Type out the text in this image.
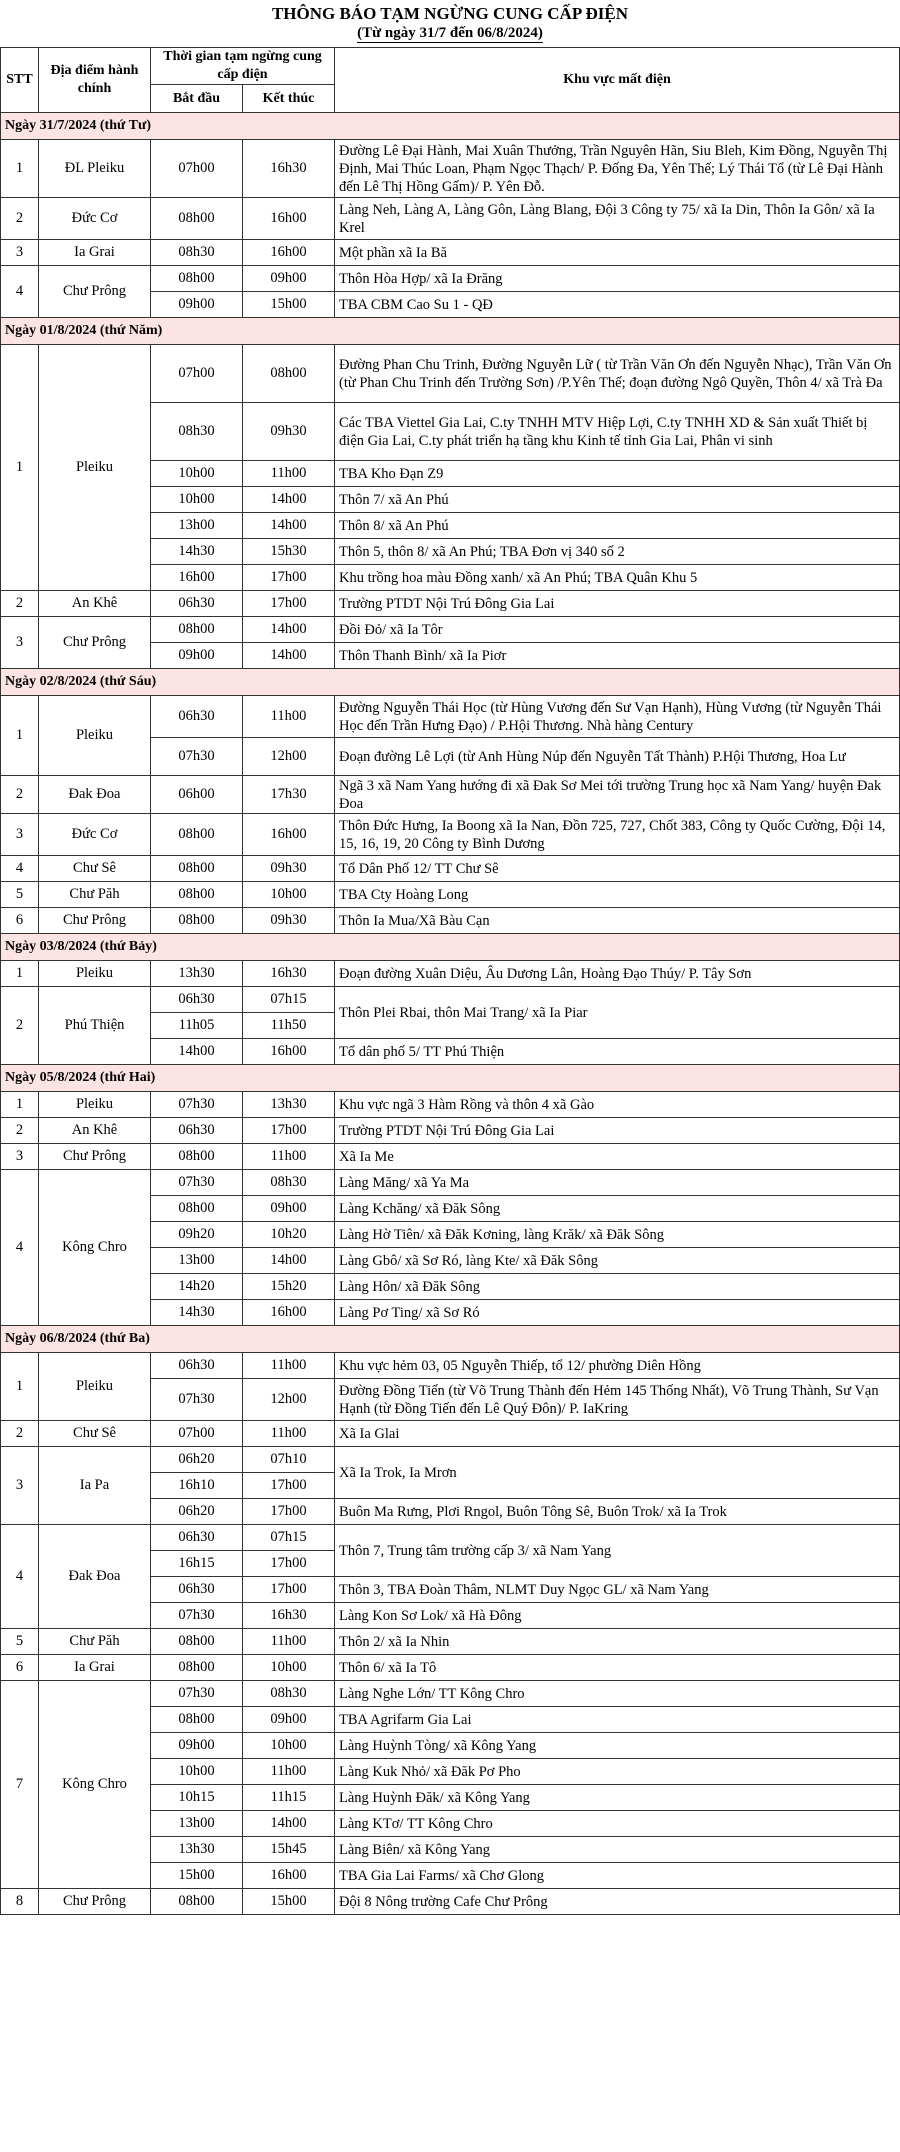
THÔNG BÁO TẠM NGỪNG CUNG CẤP ĐIỆN
(Từ ngày 31/7 đến 06/8/2024)
STT	Địa điểm hành chính	Thời gian tạm ngừng cung cấp điện		Khu vực mất điện
		Bắt đầu	Kết thúc	
Ngày 31/7/2024 (thứ Tư)				
1	ĐL Pleiku	07h00	16h30	Đường Lê Đại Hành, Mai Xuân Thưởng, Trần Nguyên Hãn, Siu Bleh, Kim Đồng, Nguyễn Thị Định, Mai Thúc Loan, Phạm Ngọc Thạch/ P. Đống Đa, Yên Thế; Lý Thái Tổ (từ Lê Đại Hành đến Lê Thị Hồng Gấm)/ P. Yên Đỗ.
2	Đức Cơ	08h00	16h00	Làng Neh, Làng A, Làng Gôn, Làng Blang, Đội 3 Công ty 75/ xã Ia Din, Thôn Ia Gôn/ xã Ia Krel
3	Ia Grai	08h30	16h00	Một phần xã Ia Bă
4	Chư Prông	08h00	09h00	Thôn Hòa Hợp/ xã Ia Đrăng
		09h00	15h00	TBA CBM Cao Su 1 - QĐ
Ngày 01/8/2024 (thứ Năm)				
1	Pleiku	07h00	08h00	Đường Phan Chu Trinh, Đường Nguyễn Lữ ( từ Trần Văn Ơn đến Nguyễn Nhạc), Trần Văn Ơn (từ Phan Chu Trinh đến Trường Sơn) /P.Yên Thế; đoạn đường Ngô Quyền, Thôn 4/ xã Trà Đa
		08h30	09h30	Các TBA Viettel Gia Lai, C.ty TNHH MTV Hiệp Lợi, C.ty TNHH XD & Sản xuất Thiết bị điện Gia Lai, C.ty phát triển hạ tầng khu Kinh tế tỉnh Gia Lai, Phân vi sinh
		10h00	11h00	TBA Kho Đạn Z9
		10h00	14h00	Thôn 7/ xã An Phú
		13h00	14h00	Thôn 8/ xã An Phú
		14h30	15h30	Thôn 5, thôn 8/ xã An Phú; TBA Đơn vị 340 số 2
		16h00	17h00	Khu trồng hoa màu Đồng xanh/ xã An Phú; TBA Quân Khu 5
2	An Khê	06h30	17h00	Trường PTDT Nội Trú Đông Gia Lai
3	Chư Prông	08h00	14h00	Đồi Đỏ/ xã Ia Tôr
		09h00	14h00	Thôn Thanh Bình/ xã Ia Piơr
Ngày 02/8/2024 (thứ Sáu)				
1	Pleiku	06h30	11h00	Đường Nguyễn Thái Học (từ Hùng Vương đến Sư Vạn Hạnh), Hùng Vương (từ Nguyễn Thái Học đến Trần Hưng Đạo) / P.Hội Thương. Nhà hàng Century
		07h30	12h00	Đoạn đường Lê Lợi (từ Anh Hùng Núp đến Nguyễn Tất Thành) P.Hội Thương, Hoa Lư
2	Đak Đoa	06h00	17h30	Ngã 3 xã Nam Yang hướng đi xã Đak Sơ Mei tới trường Trung học xã Nam Yang/ huyện Đak Đoa
3	Đức Cơ	08h00	16h00	Thôn Đức Hưng, Ia Boong xã Ia Nan, Đồn 725, 727, Chốt 383, Công ty Quốc Cường, Đội 14, 15, 16, 19, 20 Công ty Bình Dương
4	Chư Sê	08h00	09h30	Tổ Dân Phố 12/ TT Chư Sê
5	Chư Păh	08h00	10h00	TBA Cty Hoàng Long
6	Chư Prông	08h00	09h30	Thôn Ia Mua/Xã Bàu Cạn
Ngày 03/8/2024 (thứ Bảy)				
1	Pleiku	13h30	16h30	Đoạn đường Xuân Diệu, Âu Dương Lân, Hoàng Đạo Thúy/ P. Tây Sơn
2	Phú Thiện	06h30	07h15	Thôn Plei Rbai, thôn Mai Trang/ xã Ia Piar
		11h05	11h50	
		14h00	16h00	Tổ dân phố 5/ TT Phú Thiện
Ngày 05/8/2024 (thứ Hai)				
1	Pleiku	07h30	13h30	Khu vực ngã 3 Hàm Rồng và thôn 4 xã Gào
2	An Khê	06h30	17h00	Trường PTDT Nội Trú Đông Gia Lai
3	Chư Prông	08h00	11h00	Xã Ia Me
4	Kông Chro	07h30	08h30	Làng Măng/ xã Ya Ma
		08h00	09h00	Làng Kchăng/ xã Đăk Sông
		09h20	10h20	Làng Hờ Tiên/ xã Đăk Kơning, làng Krăk/ xã Đăk Sông
		13h00	14h00	Làng Gbô/ xã Sơ Ró, làng Kte/ xã Đăk Sông
		14h20	15h20	Làng Hôn/ xã Đăk Sông
		14h30	16h00	Làng Pơ Ting/ xã Sơ Ró
Ngày 06/8/2024 (thứ Ba)				
1	Pleiku	06h30	11h00	Khu vực hẻm 03, 05 Nguyễn Thiếp, tổ 12/ phường Diên Hồng
		07h30	12h00	Đường Đồng Tiến (từ Võ Trung Thành đến Hẻm 145 Thống Nhất), Võ Trung Thành, Sư Vạn Hạnh (từ Đồng Tiến đến Lê Quý Đôn)/ P. IaKring
2	Chư Sê	07h00	11h00	Xã Ia Glai
3	Ia Pa	06h20	07h10	Xã Ia Trok, Ia Mrơn
		16h10	17h00	
		06h20	17h00	Buôn Ma Rưng, Plơi Rngol, Buôn Tông Sê, Buôn Trok/ xã Ia Trok
4	Đak Đoa	06h30	07h15	Thôn 7, Trung tâm trường cấp 3/ xã Nam Yang
		16h15	17h00	
		06h30	17h00	Thôn 3, TBA Đoàn Thâm, NLMT Duy Ngọc GL/ xã Nam Yang
		07h30	16h30	Làng Kon Sơ Lok/ xã Hà Đông
5	Chư Păh	08h00	11h00	Thôn 2/ xã Ia Nhin
6	Ia Grai	08h00	10h00	Thôn 6/ xã Ia Tô
7	Kông Chro	07h30	08h30	Làng Nghe Lớn/ TT Kông Chro
		08h00	09h00	TBA Agrifarm Gia Lai
		09h00	10h00	Làng Huỳnh Tòng/ xã Kông Yang
		10h00	11h00	Làng Kuk Nhỏ/ xã Đăk Pơ Pho
		10h15	11h15	Làng Huỳnh Đăk/ xã Kông Yang
		13h00	14h00	Làng KTơ/ TT Kông Chro
		13h30	15h45	Làng Biên/ xã Kông Yang
		15h00	16h00	TBA Gia Lai Farms/ xã Chơ Glong
8	Chư Prông	08h00	15h00	Đội 8 Nông trường Cafe Chư Prông
